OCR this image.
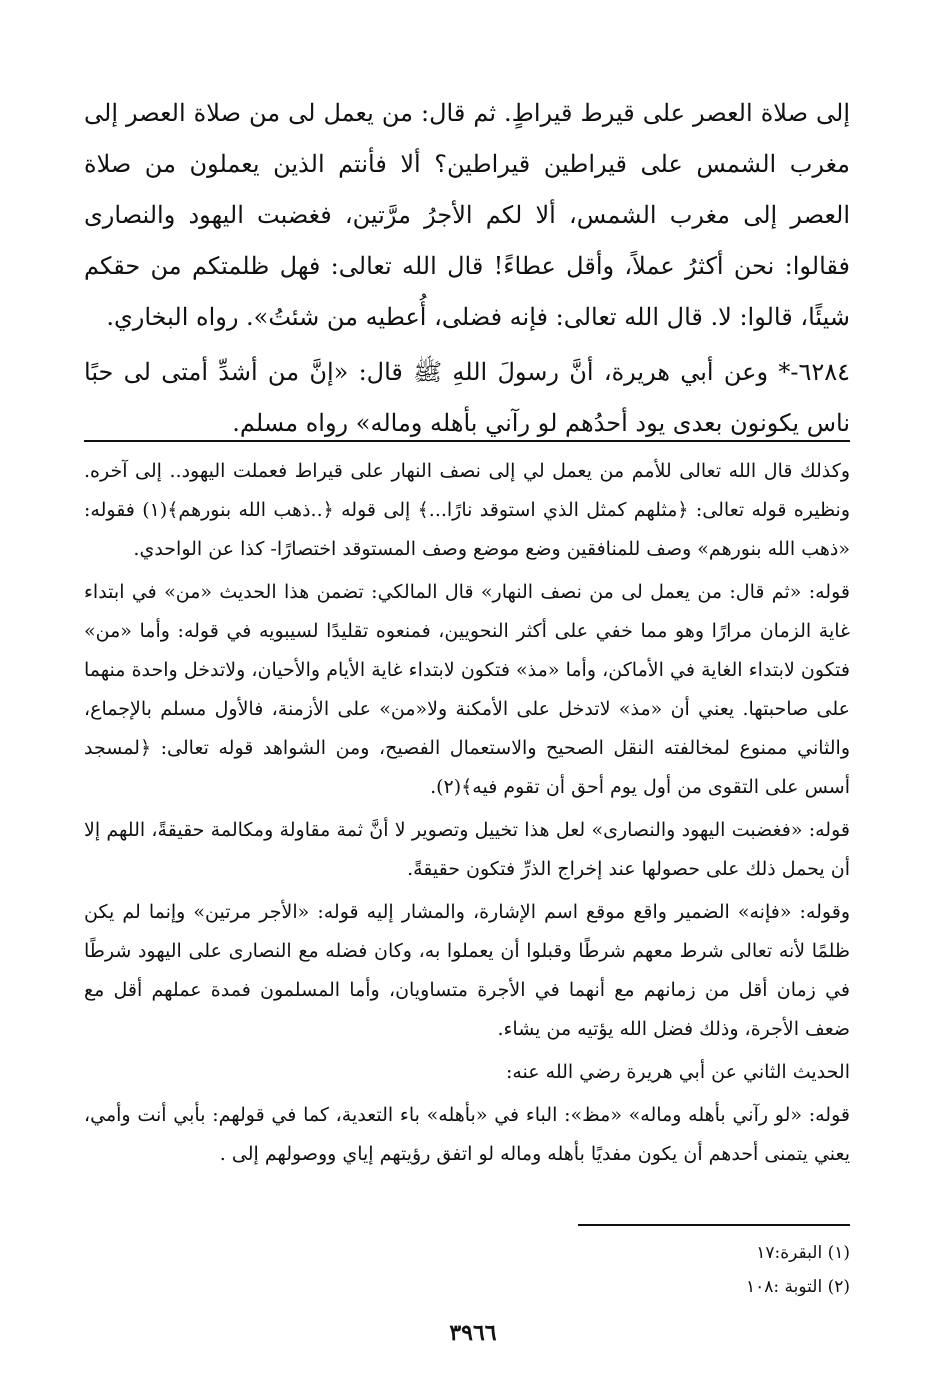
إلى صلاة العصر على قيرط قيراطٍ. ثم قال: من يعمل لى من صلاة العصر إلى مغرب الشمس على قيراطين قيراطين؟ ألا فأنتم الذين يعملون من صلاة العصر إلى مغرب الشمس، ألا لكم الأجرُ مرَّتين، فغضبت اليهود والنصارى فقالوا: نحن أكثرُ عملاً، وأقل عطاءً! قال الله تعالى: فهل ظلمتكم من حقكم شيئًا، قالوا: لا. قال الله تعالى: فإنه فضلى، أُعطيه من شئتُ». رواه البخاري.

٦٢٨٤-* وعن أبي هريرة، أنَّ رسولَ اللهِ ﷺ قال: «إنَّ من أشدِّ أمتى لى حبًا ناس يكونون بعدى يود أحدُهم لو رآني بأهله وماله» رواه مسلم.

وكذلك قال الله تعالى للأمم من يعمل لي إلى نصف النهار على قيراط فعملت اليهود.. إلى آخره. ونظيره قوله تعالى: ﴿مثلهم كمثل الذي استوقد نارًا...﴾ إلى قوله ﴿..ذهب الله بنورهم﴾(١) فقوله: «ذهب الله بنورهم» وصف للمنافقين وضع موضع وصف المستوقد اختصارًا- كذا عن الواحدي.

قوله: «ثم قال: من يعمل لى من نصف النهار» قال المالكي: تضمن هذا الحديث «من» في ابتداء غاية الزمان مرارًا وهو مما خفي على أكثر النحويين، فمنعوه تقليدًا لسيبويه في قوله: وأما «من» فتكون لابتداء الغاية في الأماكن، وأما «مذ» فتكون لابتداء غاية الأيام والأحيان، ولاتدخل واحدة منهما على صاحبتها. يعني أن «مذ» لاتدخل على الأمكنة ولا«من» على الأزمنة، فالأول مسلم بالإجماع، والثاني ممنوع لمخالفته النقل الصحيح والاستعمال الفصيح، ومن الشواهد قوله تعالى: ﴿لمسجد أسس على التقوى من أول يوم أحق أن تقوم فيه﴾(٢).

قوله: «فغضبت اليهود والنصارى» لعل هذا تخييل وتصوير لا أنَّ ثمة مقاولة ومكالمة حقيقةً، اللهم إلا أن يحمل ذلك على حصولها عند إخراج الذرِّ فتكون حقيقةً.

وقوله: «فإنه» الضمير واقع موقع اسم الإشارة، والمشار إليه قوله: «الأجر مرتين» وإنما لم يكن ظلمًا لأنه تعالى شرط معهم شرطًا وقبلوا أن يعملوا به، وكان فضله مع النصارى على اليهود شرطًا في زمان أقل من زمانهم مع أنهما في الأجرة متساويان، وأما المسلمون فمدة عملهم أقل مع ضعف الأجرة، وذلك فضل الله يؤتيه من يشاء.

الحديث الثاني عن أبي هريرة رضي الله عنه:

قوله: «لو رآني بأهله وماله» «مظ»: الباء في «بأهله» باء التعدية، كما في قولهم: بأبي أنت وأمي، يعني يتمنى أحدهم أن يكون مفديًا بأهله وماله لو اتفق رؤيتهم إياي ووصولهم إلى .

(١) البقرة:١٧

(٢) التوبة :١٠٨

٣٩٦٦
